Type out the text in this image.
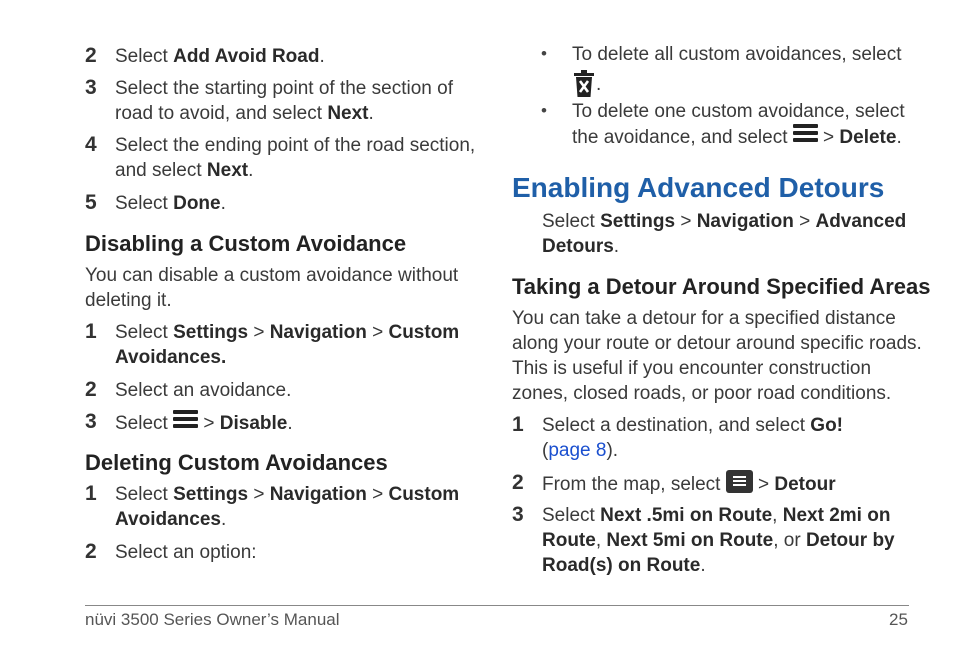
2 Select Add Avoid Road.
3 Select the starting point of the section of
road to avoid, and select Next.
4 Select the ending point of the road section,
and select Next.
5 Select Done.
Disabling a Custom Avoidance
You can disable a custom avoidance without
deleting it.
1 Select Settings > Navigation > Custom
Avoidances.
2 Select an avoidance.
3 Select
> Disable.
Deleting Custom Avoidances
1 Select Settings > Navigation > Custom
Avoidances.
2 Select an option:
• To delete all custom avoidances, select
.
• To delete one custom avoidance, select
the avoidance, and select
> Delete.
Enabling Advanced Detours
Select Settings > Navigation > Advanced
Detours.
Taking a Detour Around Specified Areas
You can take a detour for a specified distance
along your route or detour around specific roads.
This is useful if you encounter construction
zones, closed roads, or poor road conditions.
1 Select a destination, and select Go!
(page 8).
2 From the map, select
> Detour
3 Select Next .5mi on Route, Next 2mi on
Route, Next 5mi on Route, or Detour by
Road(s) on Route.
nüvi 3500 Series Owner’s Manual	25
